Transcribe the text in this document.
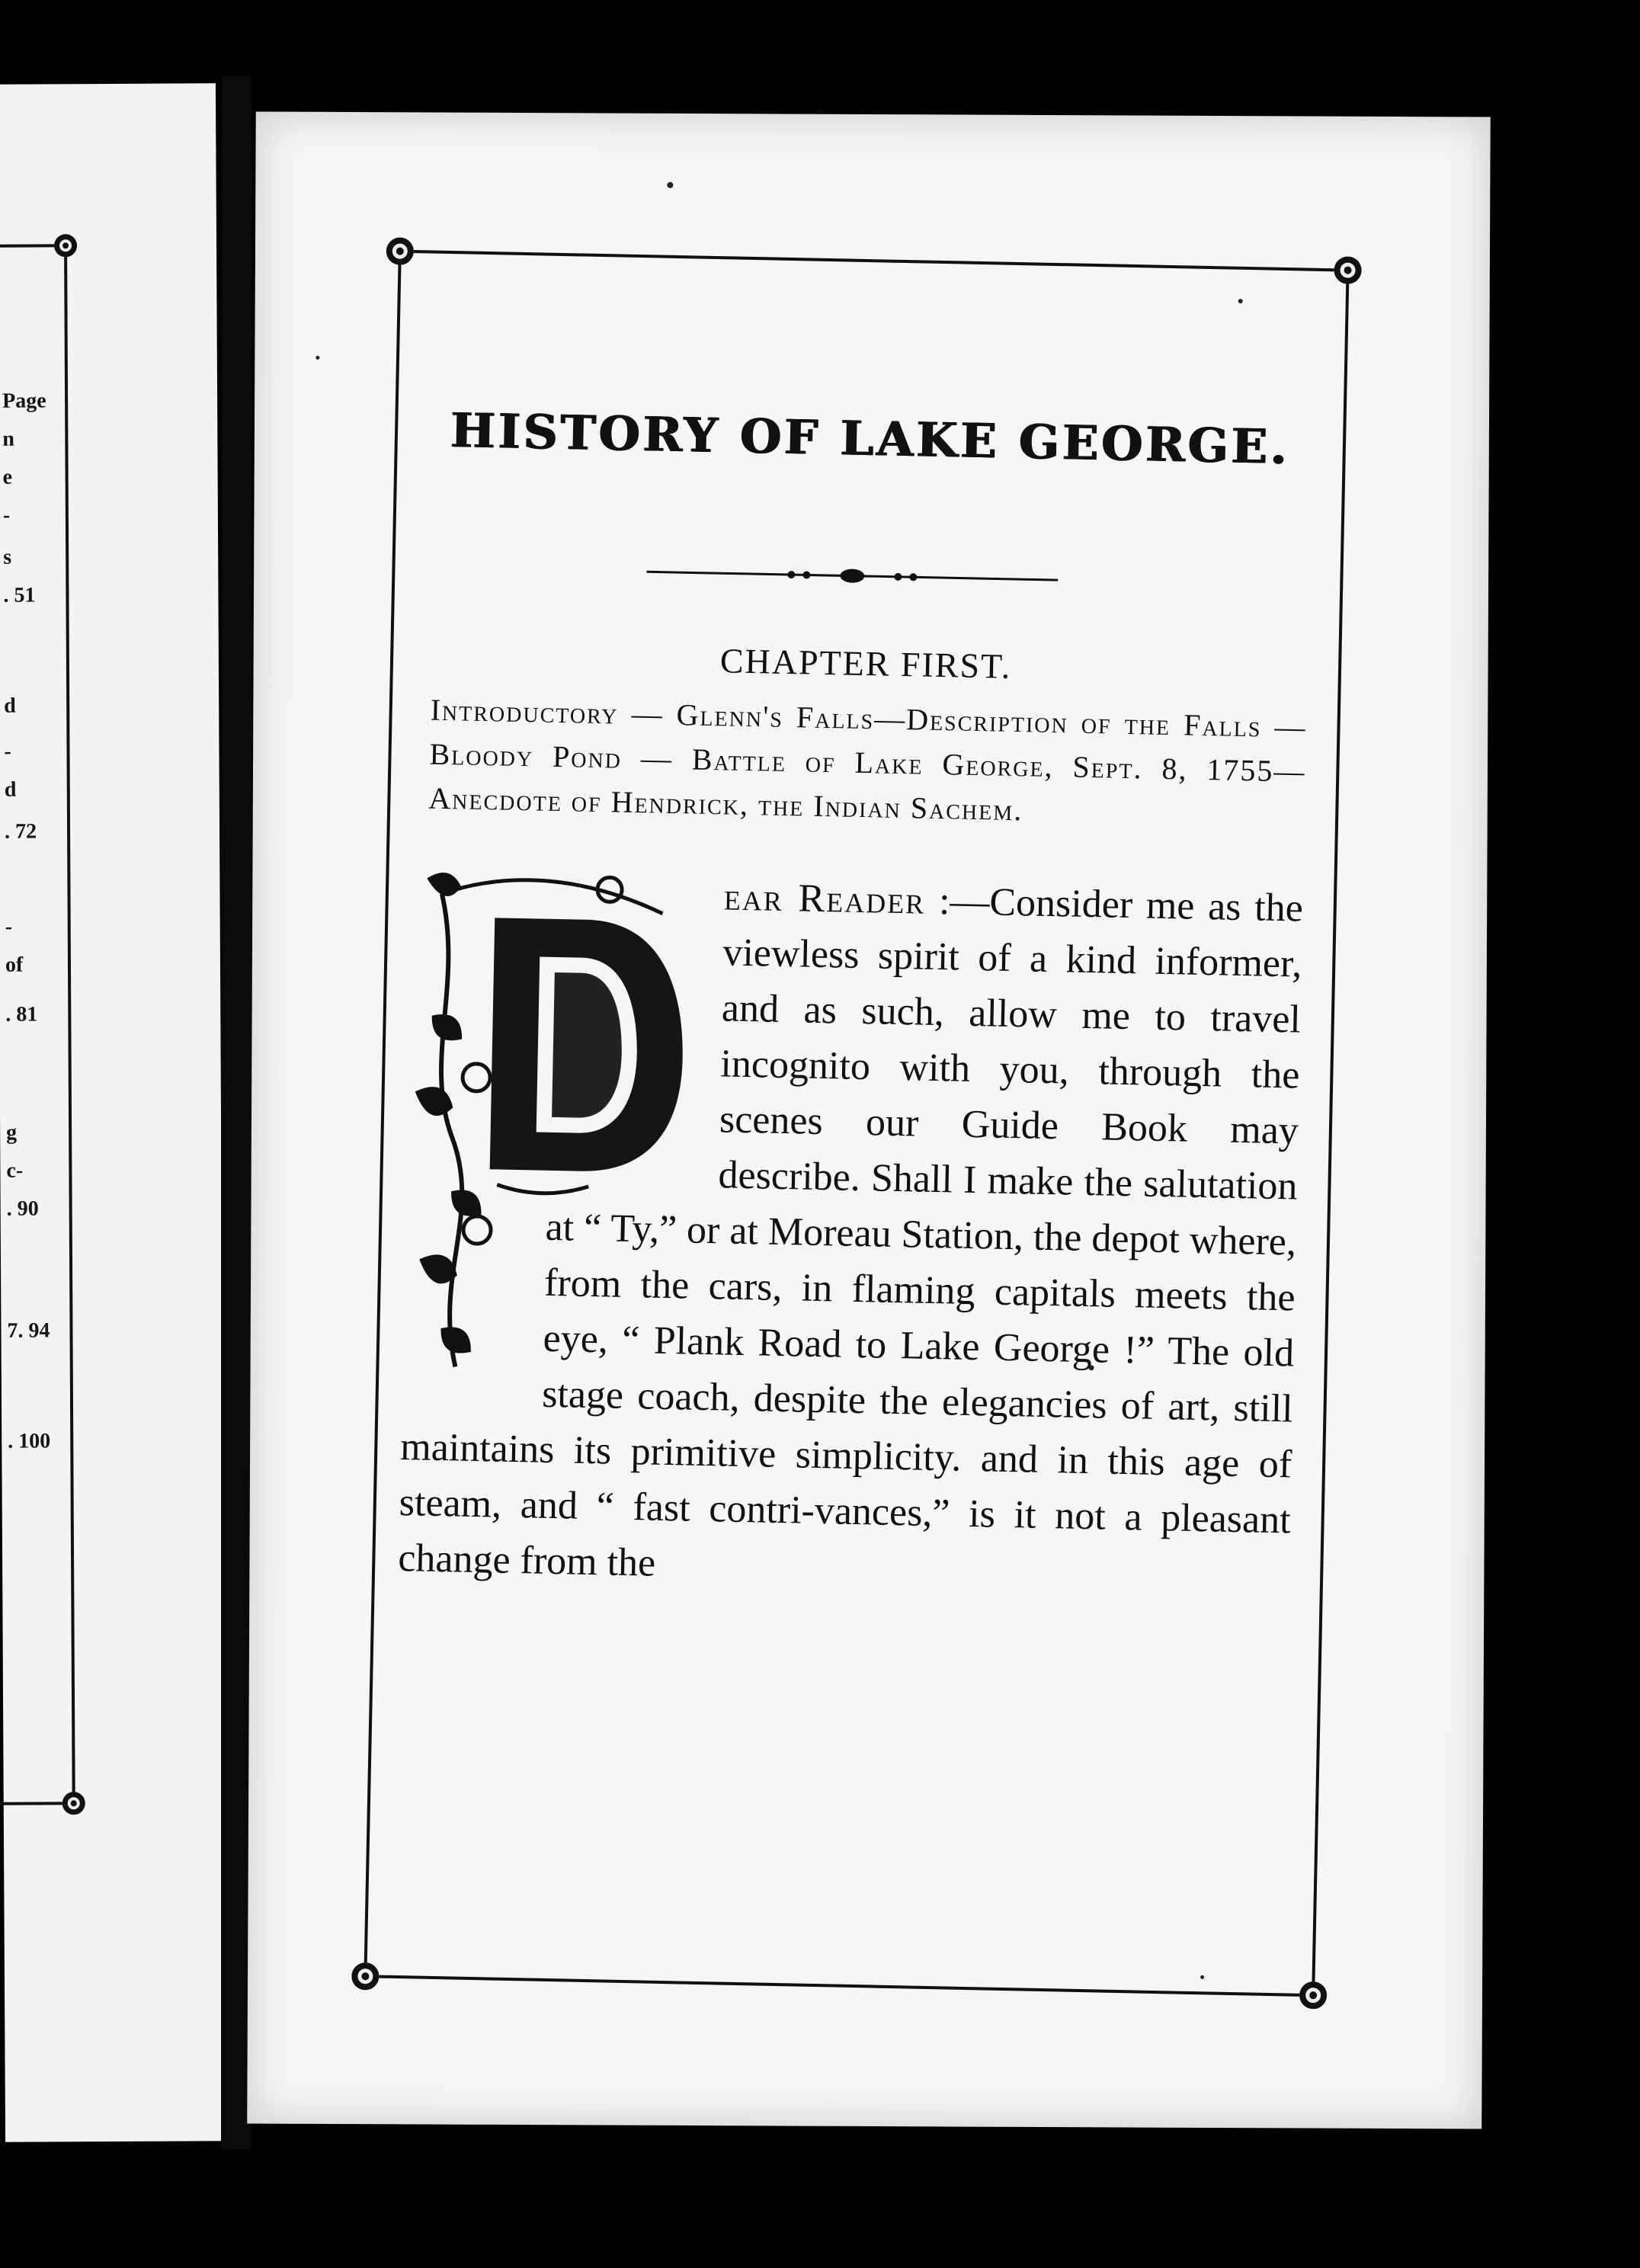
Page
n
e
-
s
. 51
d
-
d
. 72
-
of
. 81
g
c-
. 90
7. 94
. 100
HISTORY OF LAKE GEORGE.
CHAPTER FIRST.
Introductory — Glenn's Falls—Description of the Falls — Bloody Pond — Battle of Lake George, Sept. 8, 1755—Anecdote of Hendrick, the Indian Sachem.
D ear Reader :—Consider me as the viewless spirit of a kind informer, and as such, allow me to travel incognito with you, through the scenes our Guide Book may describe. Shall I make the salutation at “ Ty,” or at Moreau Station, the depot where, from the cars, in flaming capitals meets the eye, “ Plank Road to Lake George !” The old stage coach, despite the elegancies of art, still maintains its primitive simplicity. and in this age of steam, and “ fast contri-vances,” is it not a pleasant change from the
